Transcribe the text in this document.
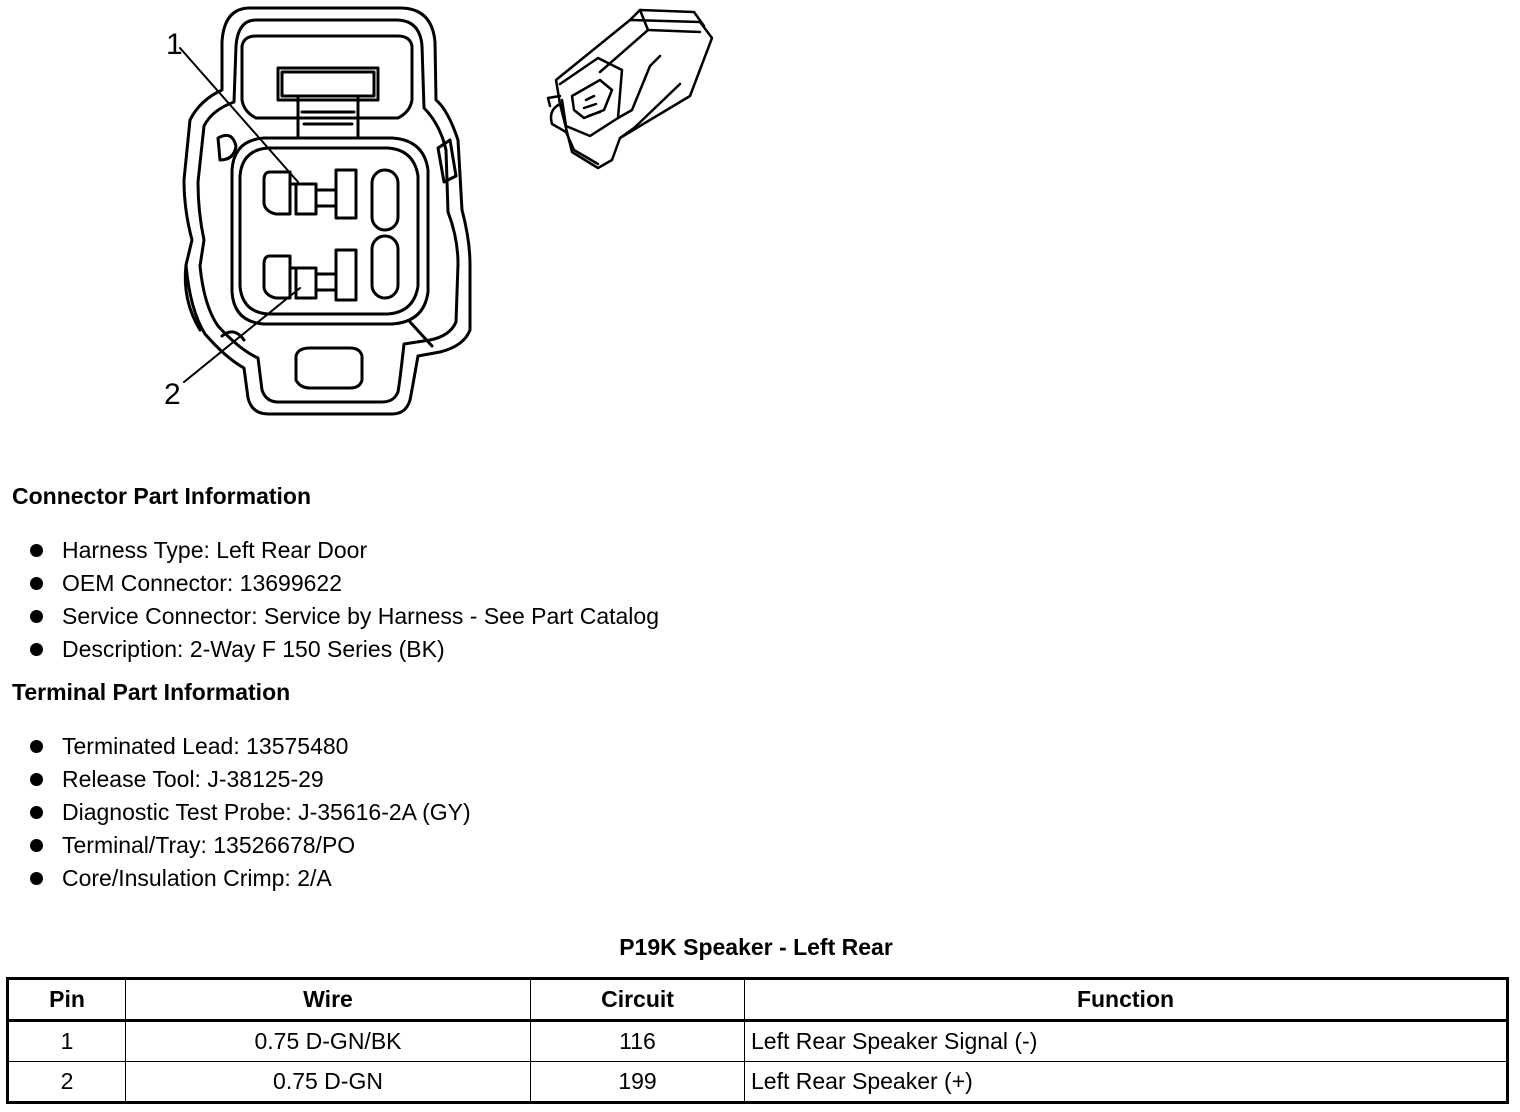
1
2
Connector Part Information
Harness Type: Left Rear Door
OEM Connector: 13699622
Service Connector: Service by Harness - See Part Catalog
Description: 2-Way F 150 Series (BK)
Terminal Part Information
Terminated Lead: 13575480
Release Tool: J-38125-29
Diagnostic Test Probe: J-35616-2A (GY)
Terminal/Tray: 13526678/PO
Core/Insulation Crimp: 2/A
P19K Speaker - Left Rear
Pin	Wire	Circuit	Function
1	0.75 D-GN/BK	116	Left Rear Speaker Signal (-)
2	0.75 D-GN	199	Left Rear Speaker (+)
